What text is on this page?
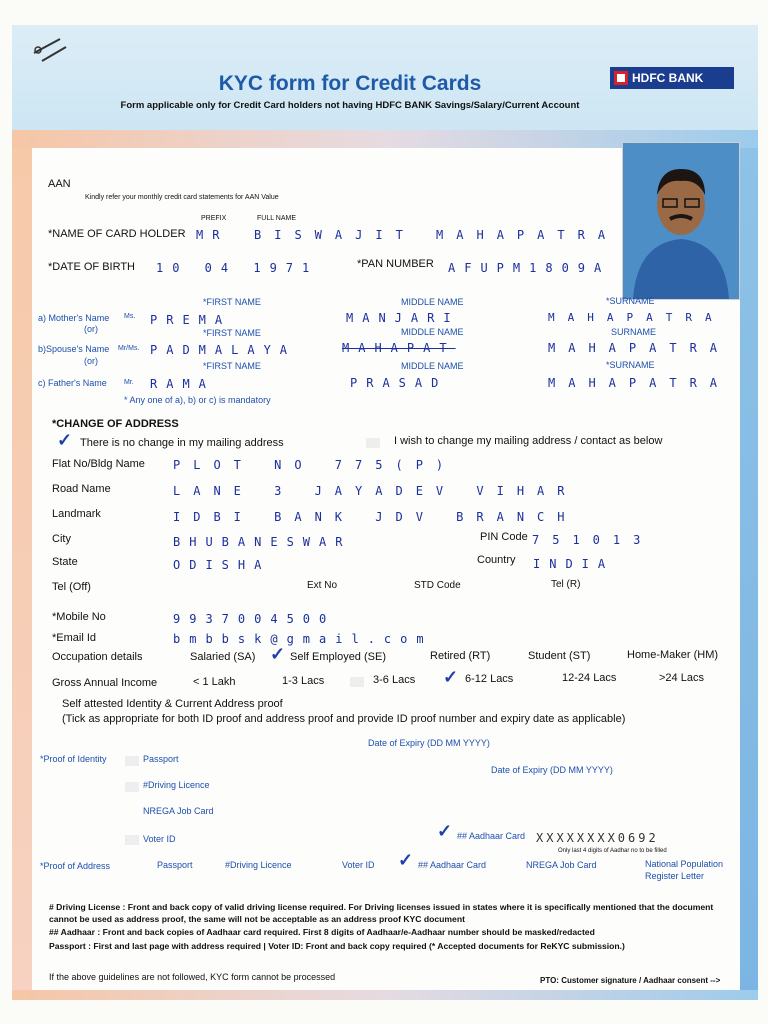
KYC form for Credit Cards
Form applicable only for Credit Card holders not having HDFC BANK Savings/Salary/Current Account
HDFC BANK
AAN
Kindly refer your monthly credit card statements for AAN Value
PREFIX	FULL NAME
*NAME OF CARD HOLDER MR BISWAJIT MAHAPATRA
*DATE OF BIRTH 10 04 1971	*PAN NUMBER AFUPM1809A
*FIRST NAME	MIDDLE NAME	*SURNAME
a) Mother's Name Ms.
(or)
PREMA	MANJARI	MAHAPATRA
*FIRST NAME	MIDDLE NAME	SURNAME
b)Spouse's Name Mr/Ms.
(or)
PADMALAYA	MAHAPAT	MAHAPATRA
*FIRST NAME	MIDDLE NAME	*SURNAME
c) Father's Name Mr. RAMA	PRASAD	MAHAPATRA
* Any one of a), b) or c) is mandatory
*CHANGE OF ADDRESS
✓ There is no change in my mailing address	I wish to change my mailing address / contact as below
Flat No/Bldg Name PLOT NO 775(P)
Road Name	LANE 3 JAYADEV VIHAR
Landmark	IDBI BANK JDV BRANCH
City	BHUBANESWAR	PIN Code 751013
State	ODISHA	Country INDIA
Tel (Off)	Ext No	STD Code	Tel (R)
*Mobile No	9937004500
*Email Id	bmbbsk@gmail.com
Occupation details	Salaried (SA) ✓ Self Employed (SE)	Retired (RT)	Student (ST)	Home-Maker (HM)
Gross Annual Income	< 1 Lakh	1-3 Lacs	3-6 Lacs ✓ 6-12 Lacs	12-24 Lacs	>24 Lacs
Self attested Identity & Current Address proof
(Tick as appropriate for both ID proof and address proof and provide ID proof number and expiry date as applicable)
Date of Expiry (DD MM YYYY)
*Proof of Identity	Passport
Date of Expiry (DD MM YYYY)
#Driving Licence
NREGA Job Card
Voter ID	✓ ## Aadhaar Card XXXXXXXX0692
Only last 4 digits of Aadhar no to be filled
*Proof of Address	Passport	#Driving Licence	Voter ID ✓ ## Aadhaar Card	NREGA Job Card	National Population Register Letter
# Driving License : Front and back copy of valid driving license required. For Driving licenses issued in states where it is specifically mentioned that the document cannot be used as address proof, the same will not be acceptable as an address proof KYC document
## Aadhaar : Front and back copies of Aadhaar card required. First 8 digits of Aadhaar/e-Aadhaar number should be masked/redacted
Passport : First and last page with address required | Voter ID: Front and back copy required (* Accepted documents for ReKYC submission.)
If the above guidelines are not followed, KYC form cannot be processed	PTO: Customer signature / Aadhaar consent -->
